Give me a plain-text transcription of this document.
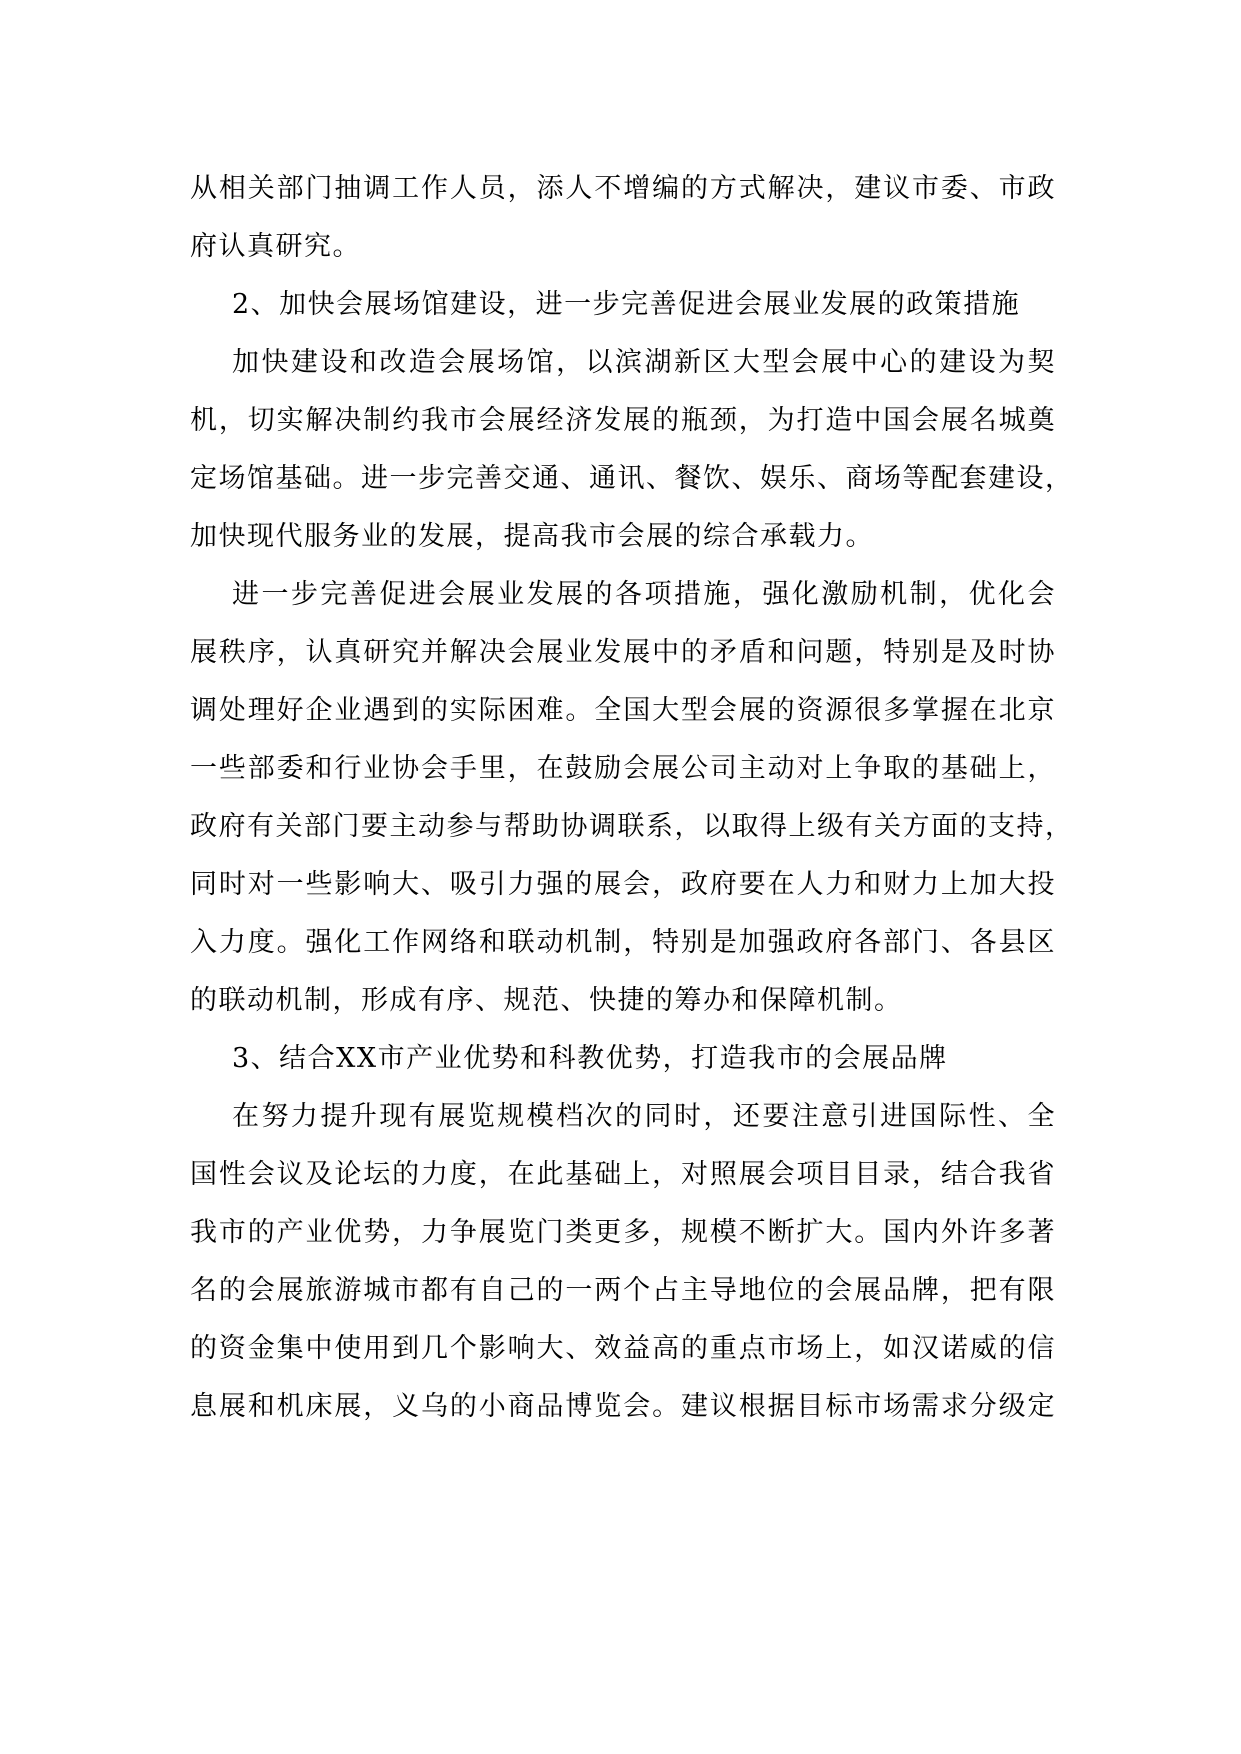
从相关部门抽调工作人员，添人不增编的方式解决，建议市委、市政
府认真研究。
2、加快会展场馆建设，进一步完善促进会展业发展的政策措施
加快建设和改造会展场馆，以滨湖新区大型会展中心的建设为契
机，切实解决制约我市会展经济发展的瓶颈，为打造中国会展名城奠
定场馆基础。进一步完善交通、通讯、餐饮、娱乐、商场等配套建设，
加快现代服务业的发展，提高我市会展的综合承载力。
进一步完善促进会展业发展的各项措施，强化激励机制，优化会
展秩序，认真研究并解决会展业发展中的矛盾和问题，特别是及时协
调处理好企业遇到的实际困难。全国大型会展的资源很多掌握在北京
一些部委和行业协会手里，在鼓励会展公司主动对上争取的基础上，
政府有关部门要主动参与帮助协调联系，以取得上级有关方面的支持，
同时对一些影响大、吸引力强的展会，政府要在人力和财力上加大投
入力度。强化工作网络和联动机制，特别是加强政府各部门、各县区
的联动机制，形成有序、规范、快捷的筹办和保障机制。
3、结合XX市产业优势和科教优势，打造我市的会展品牌
在努力提升现有展览规模档次的同时，还要注意引进国际性、全
国性会议及论坛的力度，在此基础上，对照展会项目目录，结合我省
我市的产业优势，力争展览门类更多，规模不断扩大。国内外许多著
名的会展旅游城市都有自己的一两个占主导地位的会展品牌，把有限
的资金集中使用到几个影响大、效益高的重点市场上，如汉诺威的信
息展和机床展，义乌的小商品博览会。建议根据目标市场需求分级定
